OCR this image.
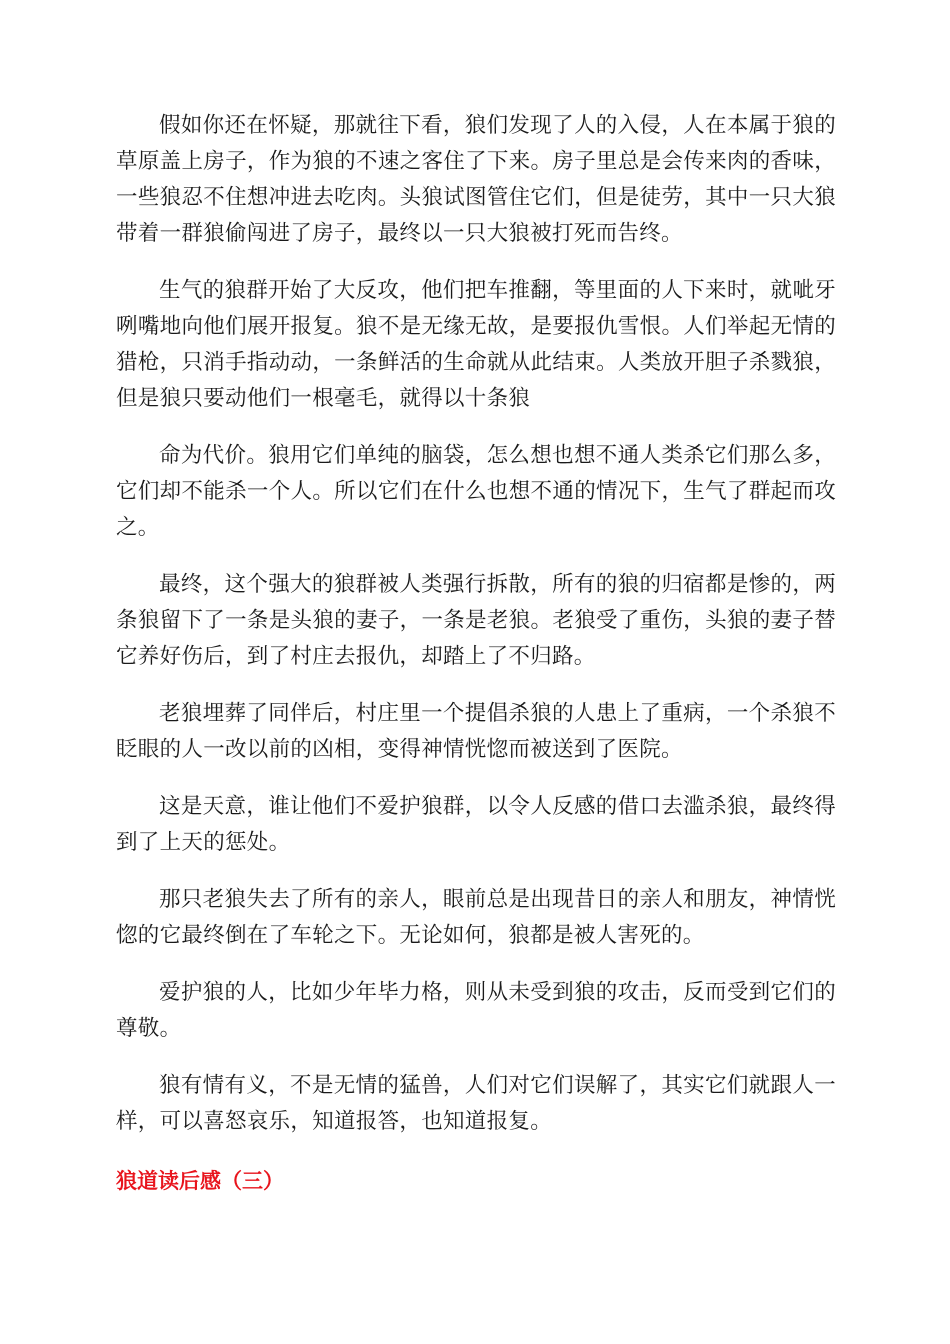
假如你还在怀疑，那就往下看，狼们发现了人的入侵，人在本属于狼的草原盖上房子，作为狼的不速之客住了下来。房子里总是会传来肉的香味，一些狼忍不住想冲进去吃肉。头狼试图管住它们，但是徒劳，其中一只大狼带着一群狼偷闯进了房子，最终以一只大狼被打死而告终。

生气的狼群开始了大反攻，他们把车推翻，等里面的人下来时，就呲牙咧嘴地向他们展开报复。狼不是无缘无故，是要报仇雪恨。人们举起无情的猎枪，只消手指动动，一条鲜活的生命就从此结束。人类放开胆子杀戮狼，但是狼只要动他们一根毫毛，就得以十条狼

命为代价。狼用它们单纯的脑袋，怎么想也想不通人类杀它们那么多，它们却不能杀一个人。所以它们在什么也想不通的情况下，生气了群起而攻之。

最终，这个强大的狼群被人类强行拆散，所有的狼的归宿都是惨的，两条狼留下了一条是头狼的妻子，一条是老狼。老狼受了重伤，头狼的妻子替它养好伤后，到了村庄去报仇，却踏上了不归路。

老狼埋葬了同伴后，村庄里一个提倡杀狼的人患上了重病，一个杀狼不眨眼的人一改以前的凶相，变得神情恍惚而被送到了医院。

这是天意，谁让他们不爱护狼群，以令人反感的借口去滥杀狼，最终得到了上天的惩处。

那只老狼失去了所有的亲人，眼前总是出现昔日的亲人和朋友，神情恍惚的它最终倒在了车轮之下。无论如何，狼都是被人害死的。

爱护狼的人，比如少年毕力格，则从未受到狼的攻击，反而受到它们的尊敬。

狼有情有义，不是无情的猛兽，人们对它们误解了，其实它们就跟人一样，可以喜怒哀乐，知道报答，也知道报复。

狼道读后感（三）
